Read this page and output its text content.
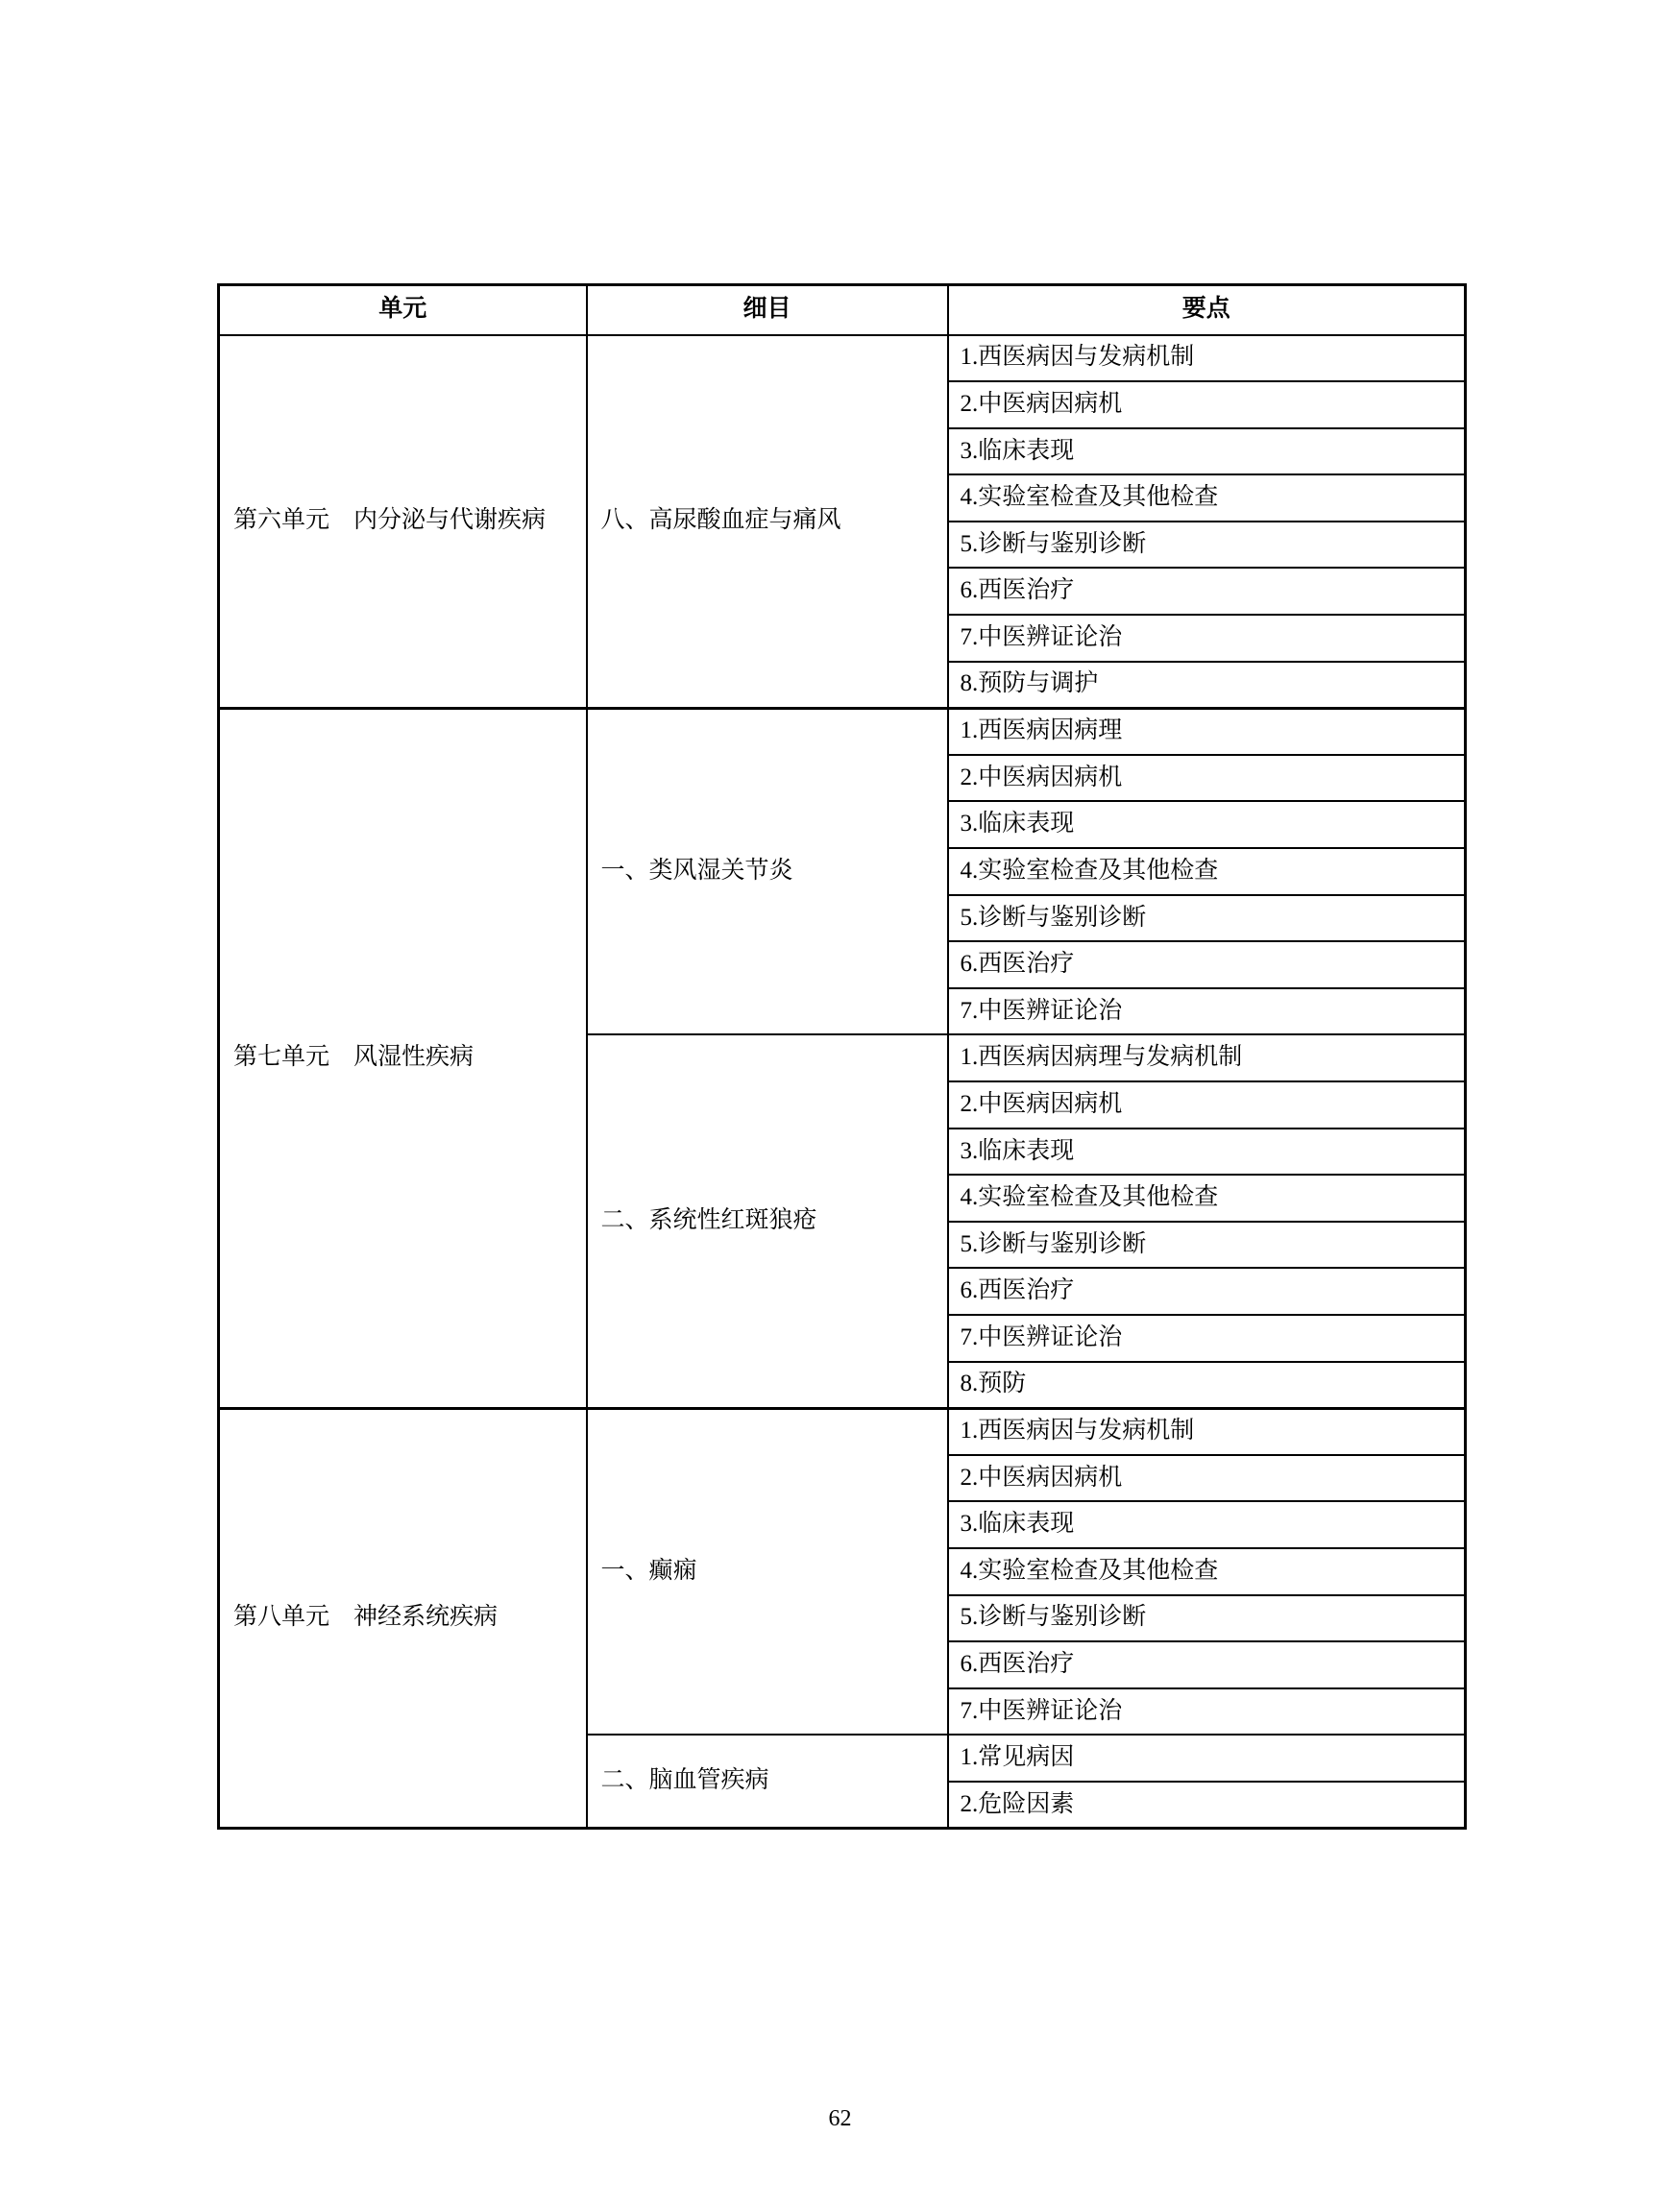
单元	细目	要点
第六单元　内分泌与代谢疾病	八、高尿酸血症与痛风	1.西医病因与发病机制
		2.中医病因病机
		3.临床表现
		4.实验室检查及其他检查
		5.诊断与鉴别诊断
		6.西医治疗
		7.中医辨证论治
		8.预防与调护
第七单元　风湿性疾病	一、类风湿关节炎	1.西医病因病理
		2.中医病因病机
		3.临床表现
		4.实验室检查及其他检查
		5.诊断与鉴别诊断
		6.西医治疗
		7.中医辨证论治
	二、系统性红斑狼疮	1.西医病因病理与发病机制
		2.中医病因病机
		3.临床表现
		4.实验室检查及其他检查
		5.诊断与鉴别诊断
		6.西医治疗
		7.中医辨证论治
		8.预防
第八单元　神经系统疾病	一、癫痫	1.西医病因与发病机制
		2.中医病因病机
		3.临床表现
		4.实验室检查及其他检查
		5.诊断与鉴别诊断
		6.西医治疗
		7.中医辨证论治
	二、脑血管疾病	1.常见病因
		2.危险因素
62
